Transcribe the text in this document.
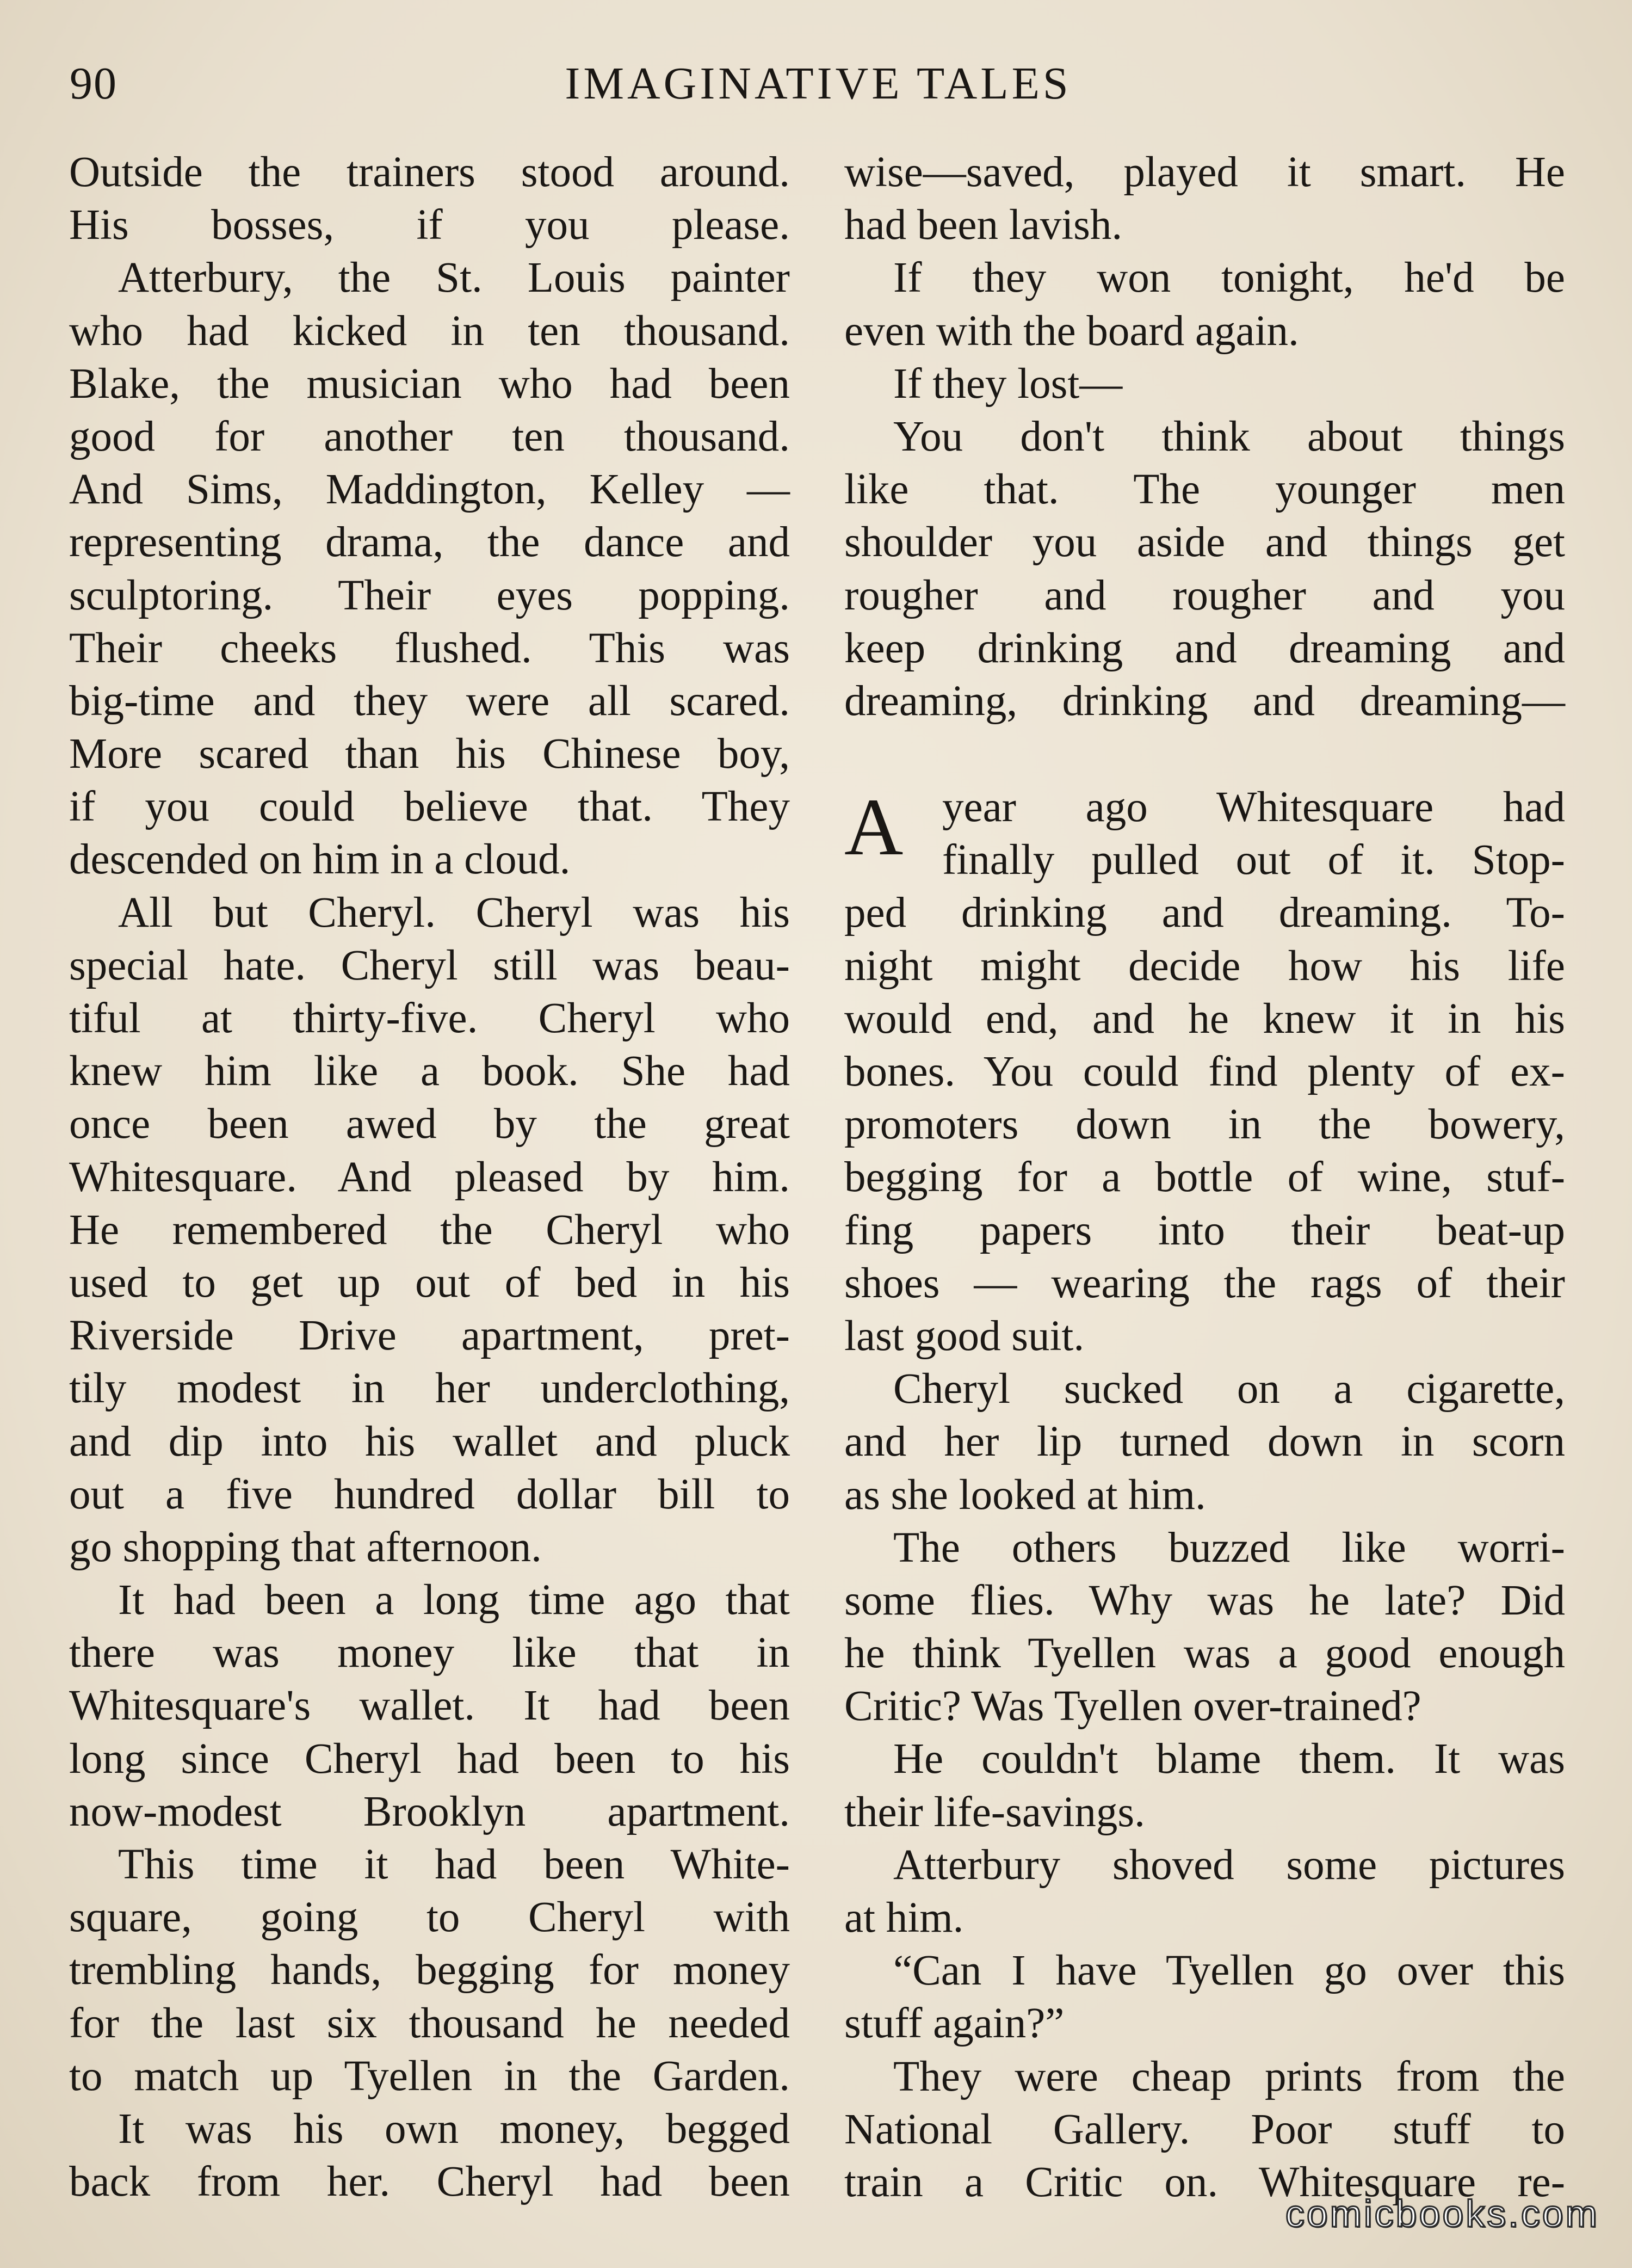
90	IMAGINATIVE TALES
Outside the trainers stood around.
His bosses, if you please.
Atterbury, the St. Louis painter
who had kicked in ten thousand.
Blake, the musician who had been
good for another ten thousand.
And Sims, Maddington, Kelley —
representing drama, the dance and
sculptoring. Their eyes popping.
Their cheeks flushed. This was
big-time and they were all scared.
More scared than his Chinese boy,
if you could believe that. They
descended on him in a cloud.
All but Cheryl. Cheryl was his
special hate. Cheryl still was beau-
tiful at thirty-five. Cheryl who
knew him like a book. She had
once been awed by the great
Whitesquare. And pleased by him.
He remembered the Cheryl who
used to get up out of bed in his
Riverside Drive apartment, pret-
tily modest in her underclothing,
and dip into his wallet and pluck
out a five hundred dollar bill to
go shopping that afternoon.
It had been a long time ago that
there was money like that in
Whitesquare's wallet. It had been
long since Cheryl had been to his
now-modest Brooklyn apartment.
This time it had been White-
square, going to Cheryl with
trembling hands, begging for money
for the last six thousand he needed
to match up Tyellen in the Garden.
It was his own money, begged
back from her. Cheryl had been
wise—saved, played it smart. He
had been lavish.
If they won tonight, he'd be
even with the board again.
If they lost—
You don't think about things
like that. The younger men
shoulder you aside and things get
rougher and rougher and you
keep drinking and dreaming and
dreaming, drinking and dreaming—
A year ago Whitesquare had
finally pulled out of it. Stop-
ped drinking and dreaming. To-
night might decide how his life
would end, and he knew it in his
bones. You could find plenty of ex-
promoters down in the bowery,
begging for a bottle of wine, stuf-
fing papers into their beat-up
shoes — wearing the rags of their
last good suit.
Cheryl sucked on a cigarette,
and her lip turned down in scorn
as she looked at him.
The others buzzed like worri-
some flies. Why was he late? Did
he think Tyellen was a good enough
Critic? Was Tyellen over-trained?
He couldn't blame them. It was
their life-savings.
Atterbury shoved some pictures
at him.
“Can I have Tyellen go over this
stuff again?”
They were cheap prints from the
National Gallery. Poor stuff to
train a Critic on. Whitesquare re-
comicbooks.com
